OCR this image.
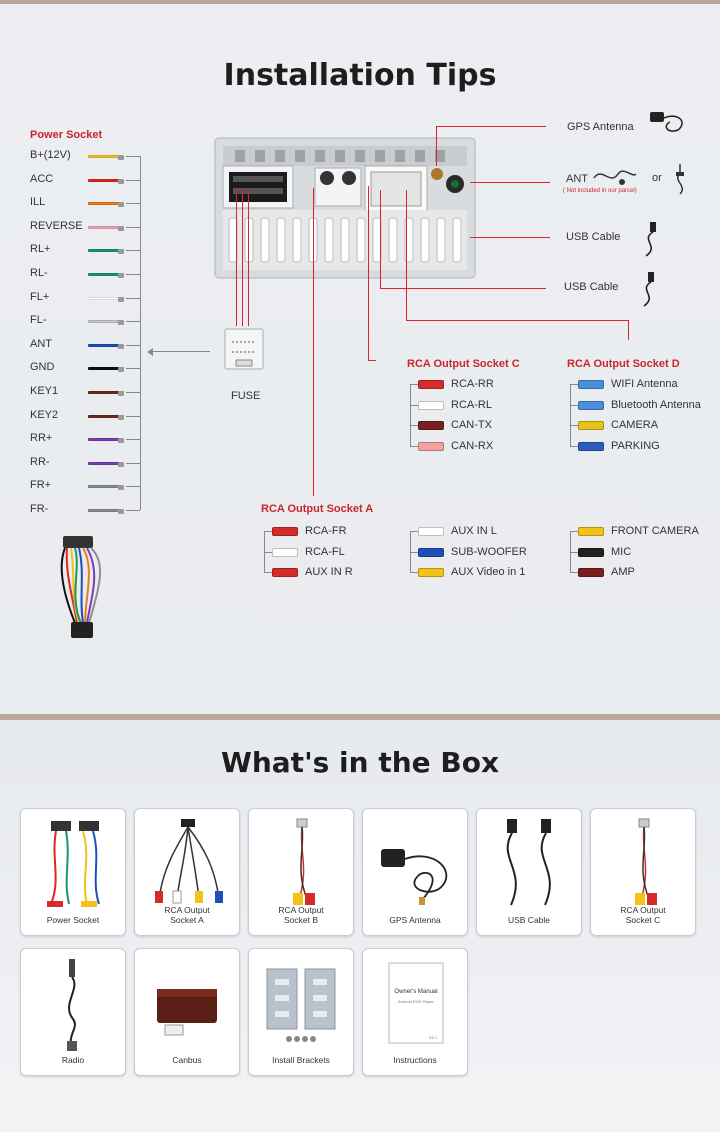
Installation Tips
Power Socket
B+(12V)
ACC
ILL
REVERSE
RL+
RL-
FL+
FL-
ANT
GND
KEY1
KEY2
RR+
RR-
FR+
FR-
FUSE
GPS Antenna
ANT
( Not included in our parcel)
or
USB Cable
USB Cable
RCA Output Socket C
RCA-RR
RCA-RL
CAN-TX
CAN-RX
RCA Output Socket D
WIFI Antenna
Bluetooth Antenna
CAMERA
PARKING
RCA Output Socket A
RCA-FR
RCA-FL
AUX IN R
AUX IN L
SUB-WOOFER
AUX Video in 1
FRONT CAMERA
MIC
AMP
What's in the Box
Power Socket
RCA Output
Socket A
RCA Output
Socket B	GPS Antenna	USB Cable
RCA Output
Socket C
Radio	Canbus	Install Brackets
Owner's Manual
Android DVD Player
V3.1
Instructions
